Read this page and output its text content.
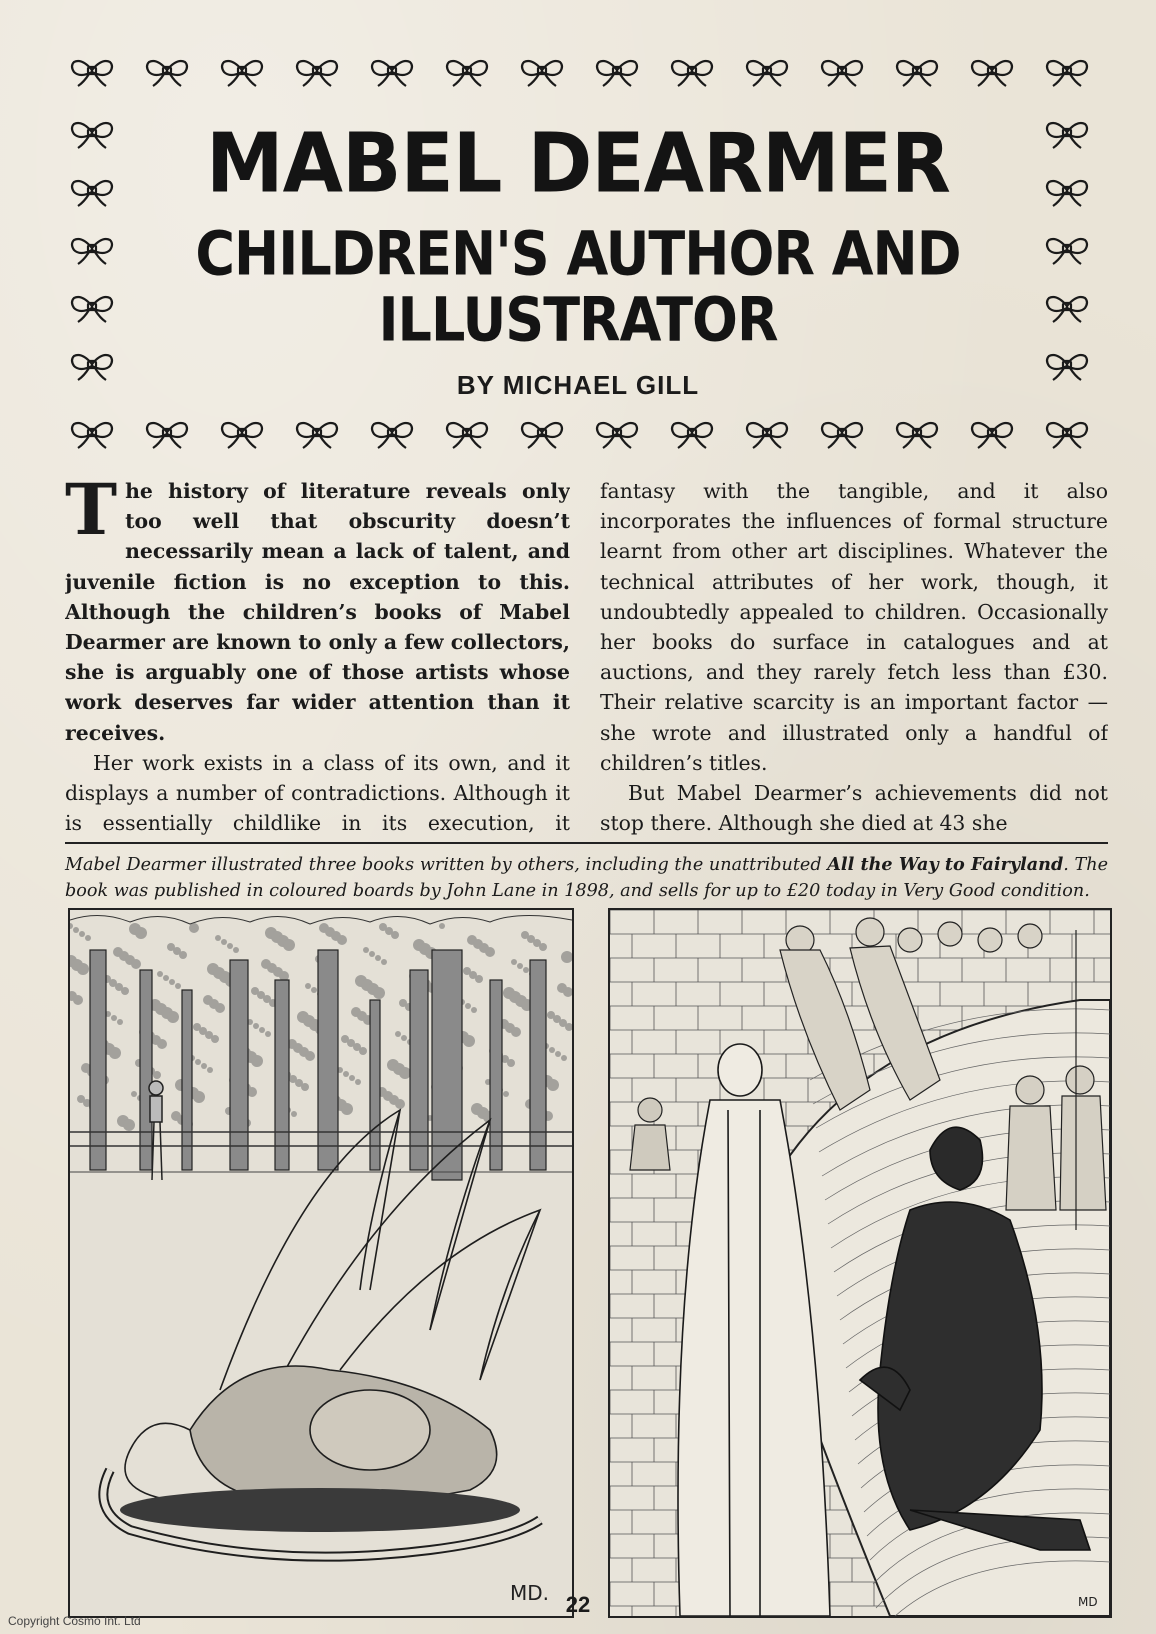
MABEL DEARMER
CHILDREN'S AUTHOR AND
ILLUSTRATOR
BY MICHAEL GILL

The history of literature reveals only too well that obscurity doesn’t necessarily mean a lack of talent, and juvenile fiction is no exception to this. Although the children’s books of Mabel Dearmer are known to only a few collectors, she is arguably one of those artists whose work deserves far wider attention than it receives.

Her work exists in a class of its own, and it displays a number of contradictions. Although it is essentially childlike in its execution, it

fantasy with the tangible, and it also incorporates the influences of formal structure learnt from other art disciplines. Whatever the technical attributes of her work, though, it undoubtedly appealed to children. Occasionally her books do surface in catalogues and at auctions, and they rarely fetch less than £30. Their relative scarcity is an important factor — she wrote and illustrated only a handful of children’s titles.

But Mabel Dearmer’s achievements did not stop there. Although she died at 43 she

Mabel Dearmer illustrated three books written by others, including the unattributed All the Way to Fairyland. The book was published in coloured boards by John Lane in 1898, and sells for up to £20 today in Very Good condition.
MD.	MD
22
Copyright Cosmo Int. Ltd
